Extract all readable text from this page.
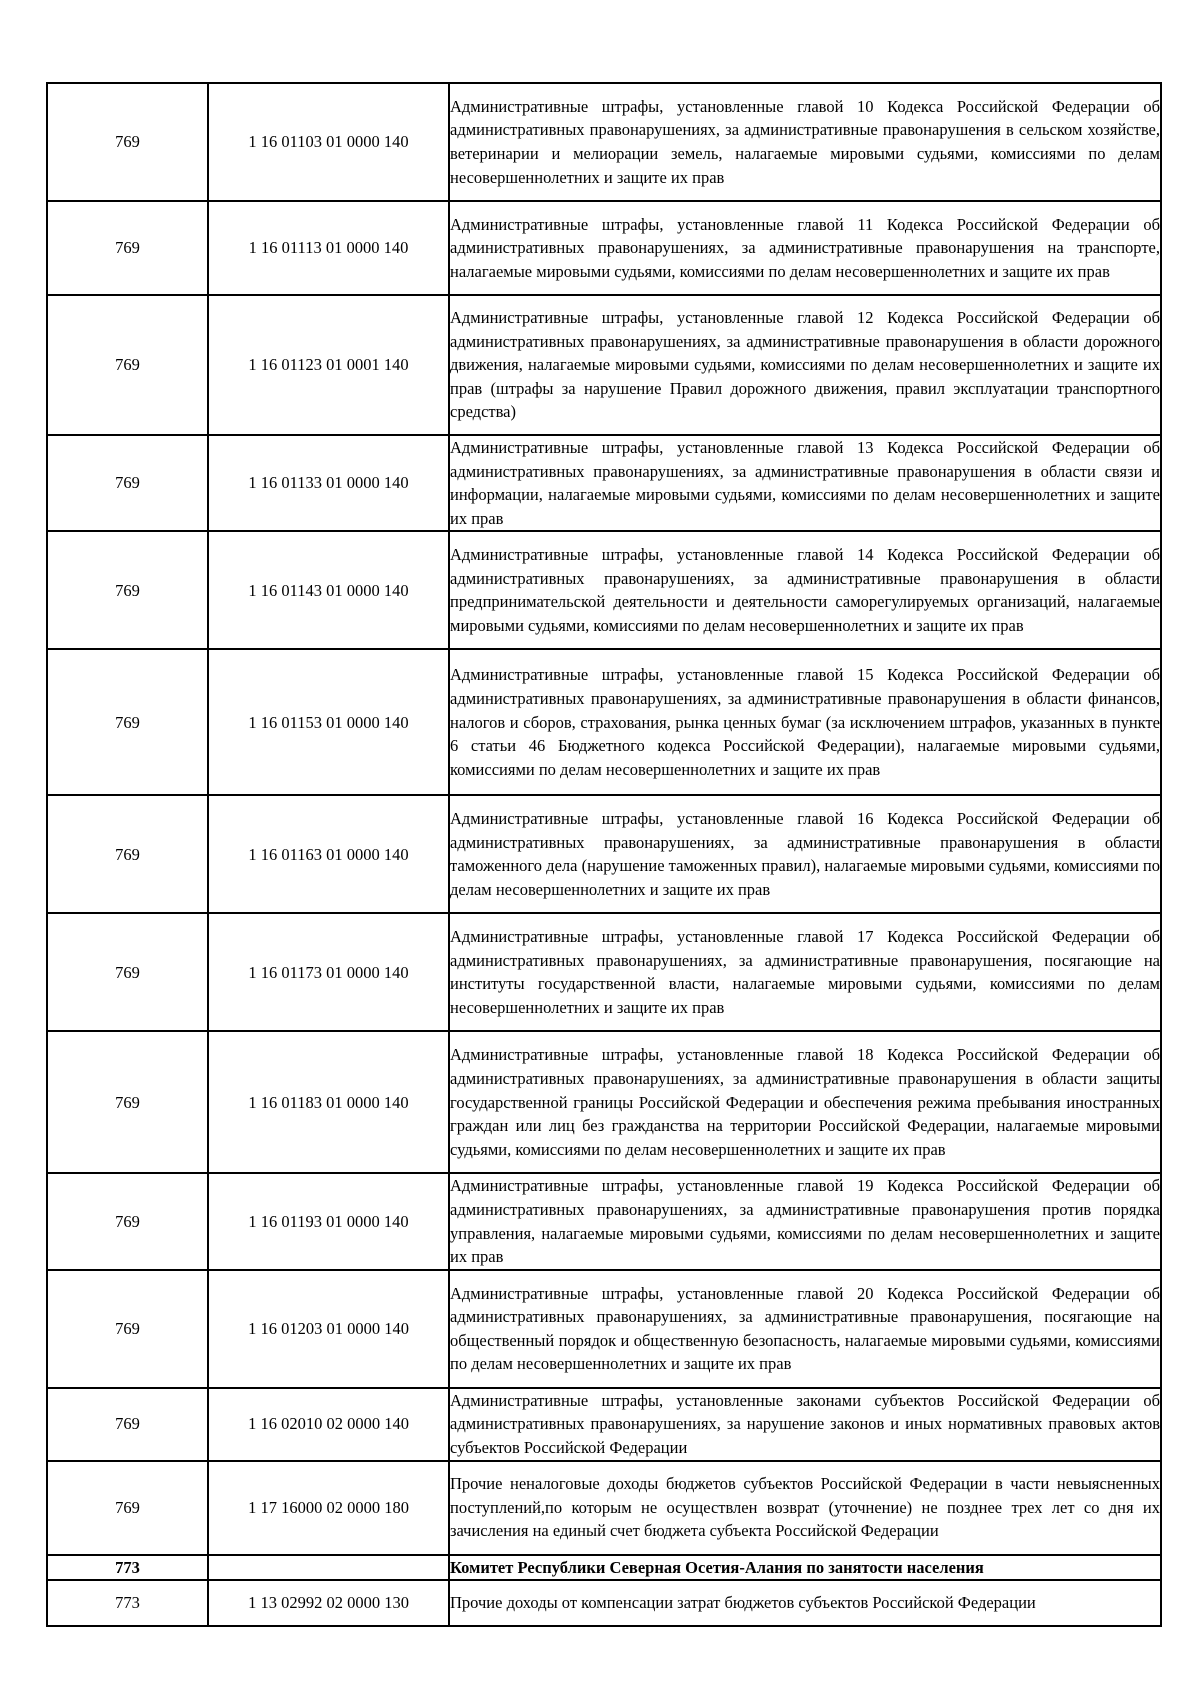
769	1 16 01103 01 0000 140	Административные штрафы, установленные главой 10 Кодекса Российской Федерации об административных правонарушениях, за административные правонарушения в сельском хозяйстве, ветеринарии и мелиорации земель, налагаемые мировыми судьями, комиссиями по делам несовершеннолетних и защите их прав
769	1 16 01113 01 0000 140	Административные штрафы, установленные главой 11 Кодекса Российской Федерации об административных правонарушениях, за административные правонарушения на транспорте, налагаемые мировыми судьями, комиссиями по делам несовершеннолетних и защите их прав
769	1 16 01123 01 0001 140	Административные штрафы, установленные главой 12 Кодекса Российской Федерации об административных правонарушениях, за административные правонарушения в области дорожного движения, налагаемые мировыми судьями, комиссиями по делам несовершеннолетних и защите их прав (штрафы за нарушение Правил дорожного движения, правил эксплуатации транспортного средства)
769	1 16 01133 01 0000 140	Административные штрафы, установленные главой 13 Кодекса Российской Федерации об административных правонарушениях, за административные правонарушения в области связи и информации, налагаемые мировыми судьями, комиссиями по делам несовершеннолетних и защите их прав
769	1 16 01143 01 0000 140	Административные штрафы, установленные главой 14 Кодекса Российской Федерации об административных правонарушениях, за административные правонарушения в области предпринимательской деятельности и деятельности саморегулируемых организаций, налагаемые мировыми судьями, комиссиями по делам несовершеннолетних и защите их прав
769	1 16 01153 01 0000 140	Административные штрафы, установленные главой 15 Кодекса Российской Федерации об административных правонарушениях, за административные правонарушения в области финансов, налогов и сборов, страхования, рынка ценных бумаг (за исключением штрафов, указанных в пункте 6 статьи 46 Бюджетного кодекса Российской Федерации), налагаемые мировыми судьями, комиссиями по делам несовершеннолетних и защите их прав
769	1 16 01163 01 0000 140	Административные штрафы, установленные главой 16 Кодекса Российской Федерации об административных правонарушениях, за административные правонарушения в области таможенного дела (нарушение таможенных правил), налагаемые мировыми судьями, комиссиями по делам несовершеннолетних и защите их прав
769	1 16 01173 01 0000 140	Административные штрафы, установленные главой 17 Кодекса Российской Федерации об административных правонарушениях, за административные правонарушения, посягающие на институты государственной власти, налагаемые мировыми судьями, комиссиями по делам несовершеннолетних и защите их прав
769	1 16 01183 01 0000 140	Административные штрафы, установленные главой 18 Кодекса Российской Федерации об административных правонарушениях, за административные правонарушения в области защиты государственной границы Российской Федерации и обеспечения режима пребывания иностранных граждан или лиц без гражданства на территории Российской Федерации, налагаемые мировыми судьями, комиссиями по делам несовершеннолетних и защите их прав
769	1 16 01193 01 0000 140	Административные штрафы, установленные главой 19 Кодекса Российской Федерации об административных правонарушениях, за административные правонарушения против порядка управления, налагаемые мировыми судьями, комиссиями по делам несовершеннолетних и защите их прав
769	1 16 01203 01 0000 140	Административные штрафы, установленные главой 20 Кодекса Российской Федерации об административных правонарушениях, за административные правонарушения, посягающие на общественный порядок и общественную безопасность, налагаемые мировыми судьями, комиссиями по делам несовершеннолетних и защите их прав
769	1 16 02010 02 0000 140	Административные штрафы, установленные законами субъектов Российской Федерации об административных правонарушениях, за нарушение законов и иных нормативных правовых актов субъектов Российской Федерации
769	1 17 16000 02 0000 180	Прочие неналоговые доходы бюджетов субъектов Российской Федерации в части невыясненных поступлений,по которым не осуществлен возврат (уточнение) не позднее трех лет со дня их зачисления на единый счет бюджета субъекта Российской Федерации
773		Комитет Республики Северная Осетия-Алания по занятости населения
773	1 13 02992 02 0000 130	Прочие доходы от компенсации затрат бюджетов субъектов Российской Федерации
